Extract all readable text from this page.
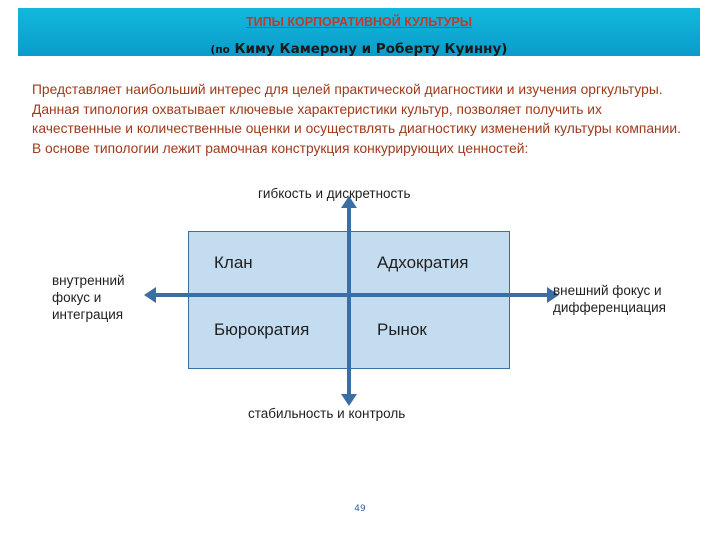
ТИПЫ КОРПОРАТИВНОЙ КУЛЬТУРЫ
(по Киму Камерону и Роберту Куинну)
Представляет наибольший интерес для целей практической диагностики и изучения оргкультуры. Данная типология охватывает ключевые характеристики культур, позволяет получить их качественные и количественные оценки и осуществлять диагностику изменений культуры компании. В основе типологии лежит рамочная конструкция конкурирующих ценностей:
Клан	Адхократия
Бюрократия	Рынок
гибкость и дискретность
стабильность и контроль
внутренний фокус и интеграция
внешний фокус и дифференциация
49
